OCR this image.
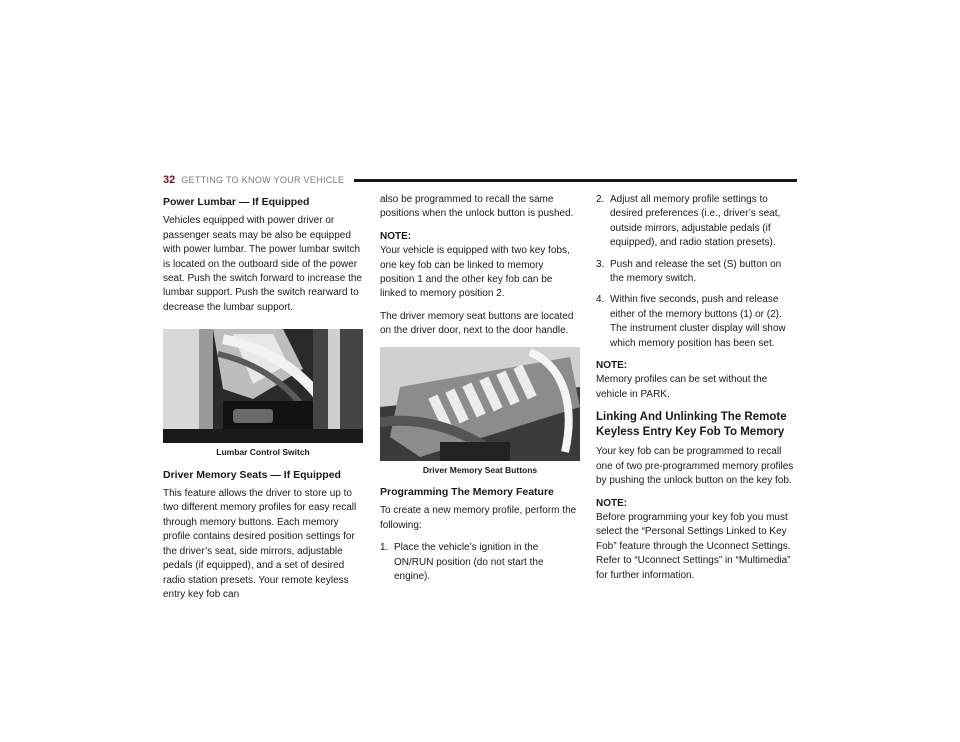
32 GETTING TO KNOW YOUR VEHICLE
Power Lumbar — If Equipped

Vehicles equipped with power driver or passenger seats may be also be equipped with power lumbar. The power lumbar switch is located on the outboard side of the power seat. Push the switch forward to increase the lumbar support. Push the switch rearward to decrease the lumbar support.

Lumbar Control Switch
Driver Memory Seats — If Equipped

This feature allows the driver to store up to two different memory profiles for easy recall through memory buttons. Each memory profile contains desired position settings for the driver’s seat, side mirrors, adjustable pedals (if equipped), and a set of desired radio station presets. Your remote keyless entry key fob can

also be programmed to recall the same positions when the unlock button is pushed.

NOTE:

Your vehicle is equipped with two key fobs, one key fob can be linked to memory position 1 and the other key fob can be linked to memory position 2.

The driver memory seat buttons are located on the driver door, next to the door handle.

Driver Memory Seat Buttons
Programming The Memory Feature

To create a new memory profile, perform the following:

1. Place the vehicle’s ignition in the ON/RUN position (do not start the engine).
2. Adjust all memory profile settings to desired preferences (i.e., driver’s seat, outside mirrors, adjustable pedals (if equipped), and radio station presets).
3. Push and release the set (S) button on the memory switch.
4. Within five seconds, push and release either of the memory buttons (1) or (2). The instrument cluster display will show which memory position has been set.
NOTE:

Memory profiles can be set without the vehicle in PARK.

Linking And Unlinking The Remote Keyless Entry Key Fob To Memory

Your key fob can be programmed to recall one of two pre-programmed memory profiles by pushing the unlock button on the key fob.

NOTE:

Before programming your key fob you must select the “Personal Settings Linked to Key Fob” feature through the Uconnect Settings. Refer to “Uconnect Settings” in “Multimedia” for further information.
